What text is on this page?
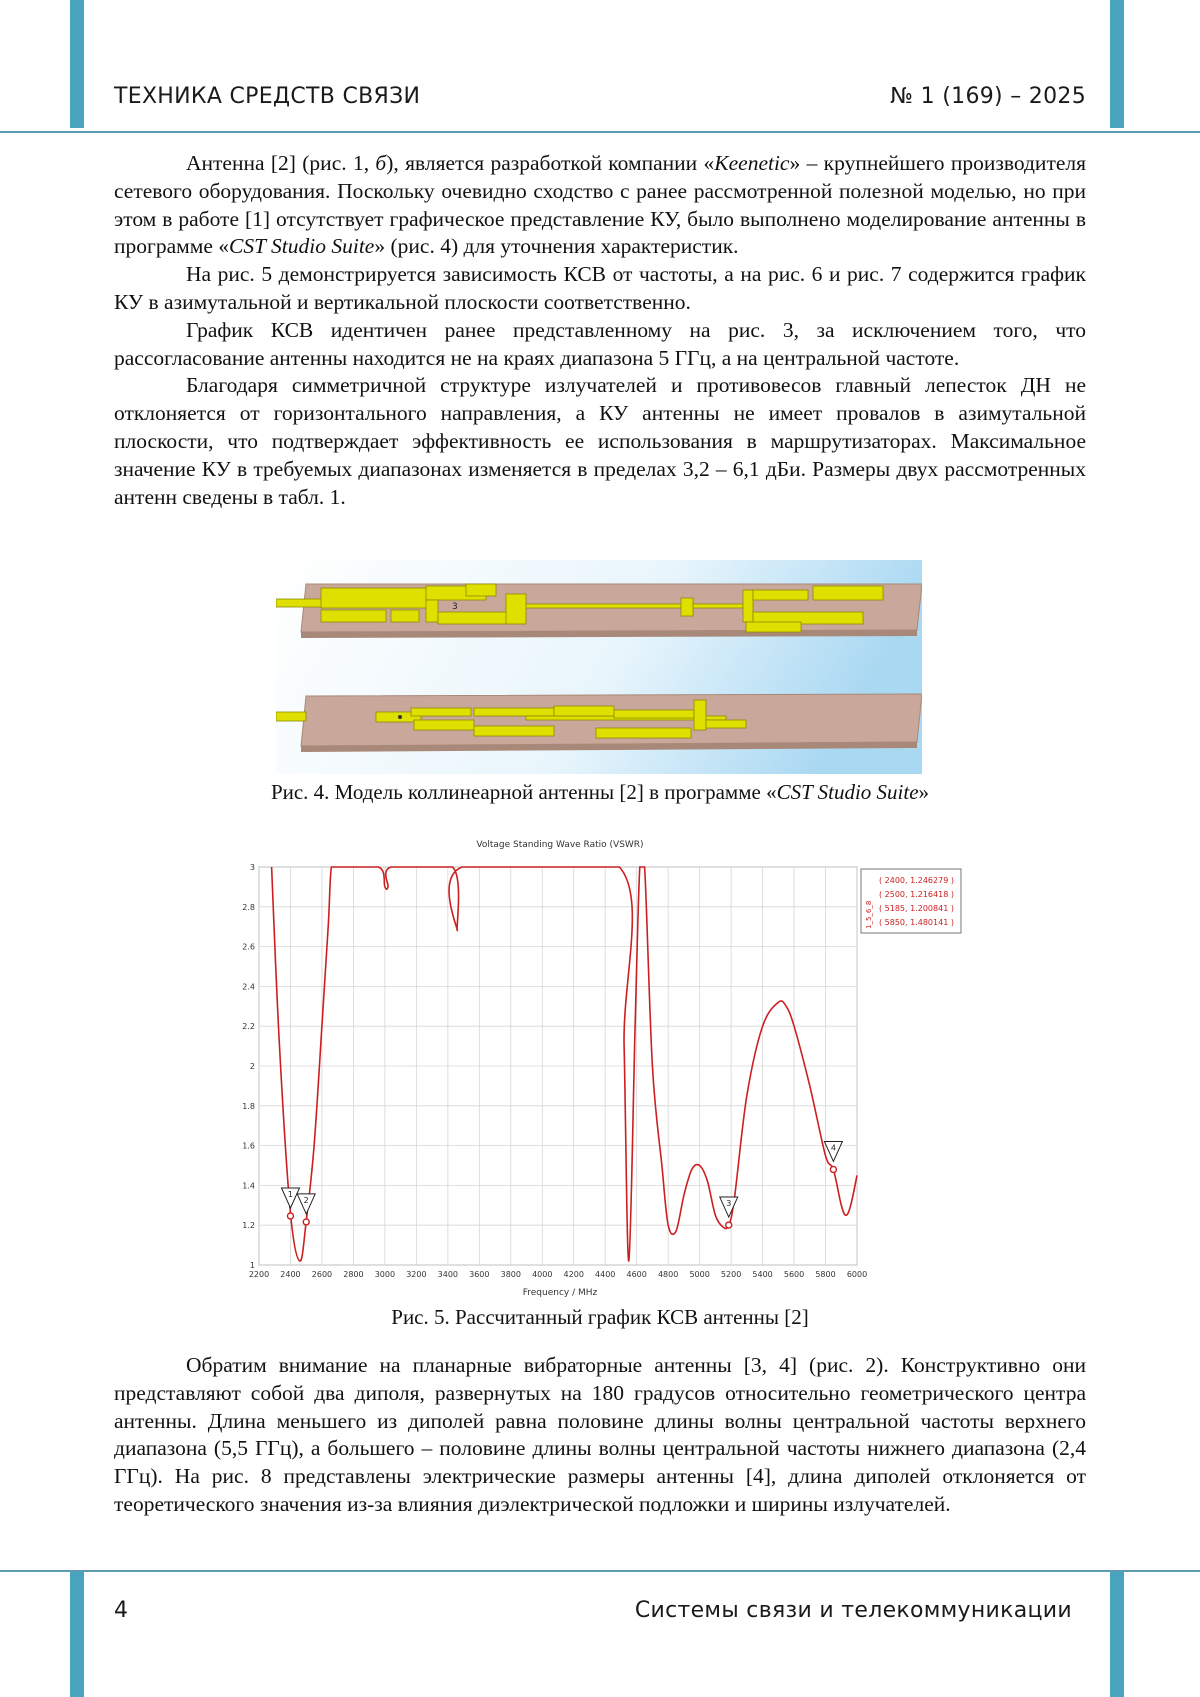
ТЕХНИКА СРЕДСТВ СВЯЗИ	№ 1 (169) – 2025

Антенна [2] (рис. 1, б), является разработкой компании «Keenetic» – крупнейшего производителя сетевого оборудования. Поскольку очевидно сходство с ранее рассмотренной полезной моделью, но при этом в работе [1] отсутствует графическое представление КУ, было выполнено моделирование антенны в программе «CST Studio Suite» (рис. 4) для уточнения характеристик.

На рис. 5 демонстрируется зависимость КСВ от частоты, а на рис. 6 и рис. 7 содержится график КУ в азимутальной и вертикальной плоскости соответственно.

График КСВ идентичен ранее представленному на рис. 3, за исключением того, что рассогласование антенны находится не на краях диапазона 5 ГГц, а на центральной частоте.

Благодаря симметричной структуре излучателей и противовесов главный лепесток ДН не отклоняется от горизонтального направления, а КУ антенны не имеет провалов в азимутальной плоскости, что подтверждает эффективность ее использования в маршрутизаторах. Максимальное значение КУ в требуемых диапазонах изменяется в пределах 3,2 – 6,1 дБи. Размеры двух рассмотренных антенн сведены в табл. 1.

3
Рис. 4. Модель коллинеарной антенны [2] в программе «CST Studio Suite»
Voltage Standing Wave Ratio (VSWR)
Frequency / MHz
2200 2400 2600 2800 3000 3200 3400 3600 3800 4000 4200 4400 4600 4800 5000 5200 5400 5600 5800 6000
1
1.2
1.4
1.6
1.8
2
2.2
2.4
2.6
2.8
3
1
2	3
4
1_5_6_8
( 2400, 1.246279 )
( 2500, 1.216418 )
( 5185, 1.200841 )
( 5850, 1.480141 )
Рис. 5. Рассчитанный график КСВ антенны [2]

Обратим внимание на планарные вибраторные антенны [3, 4] (рис. 2). Конструктивно они представляют собой два диполя, развернутых на 180 градусов относительно геометрического центра антенны. Длина меньшего из диполей равна половине длины волны центральной частоты верхнего диапазона (5,5 ГГц), а большего – половине длины волны центральной частоты нижнего диапазона (2,4 ГГц). На рис. 8 представлены электрические размеры антенны [4], длина диполей отклоняется от теоретического значения из-за влияния диэлектрической подложки и ширины излучателей.

4	Системы связи и телекоммуникации
